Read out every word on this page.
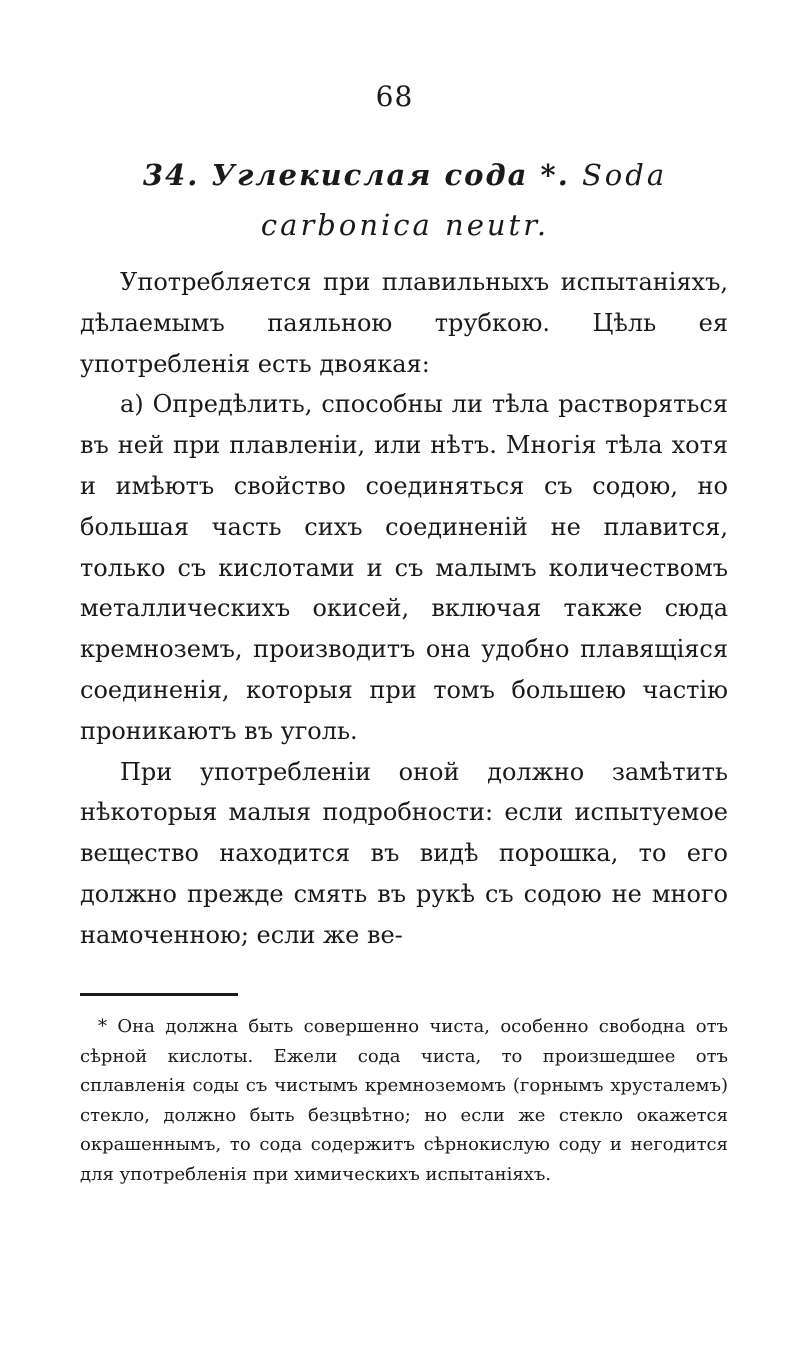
68
34. Углекислая сода *. Soda carbonica neutr.

Употребляется при плавильныхъ испытаніяхъ, дѣлаемымъ паяльною трубкою. Цѣль ея употребленія есть двоякая:

а) Опредѣлить, способны ли тѣла растворяться въ ней при плавленіи, или нѣтъ. Многія тѣла хотя и имѣютъ свойство соединяться съ содою, но большая часть сихъ соединеній не плавится, только съ кислотами и съ малымъ количествомъ металлическихъ окисей, включая также сюда кремноземъ, производитъ она удобно плавящіяся соединенія, которыя при томъ большею частію проникаютъ въ уголь.

При употребленіи оной должно замѣтить нѣкоторыя малыя подробности: если испытуемое вещество находится въ видѣ порошка, то его должно прежде смять въ рукѣ съ содою не много намоченною; если же ве-

* Она должна быть совершенно чиста, особенно свободна отъ сѣрной кислоты. Ежели сода чиста, то произшедшее отъ сплавленія соды съ чистымъ кремноземомъ (горнымъ хрусталемъ) стекло, должно быть безцвѣтно; но если же стекло окажется окрашеннымъ, то сода содержитъ сѣрнокислую соду и негодится для употребленія при химическихъ испытаніяхъ.
